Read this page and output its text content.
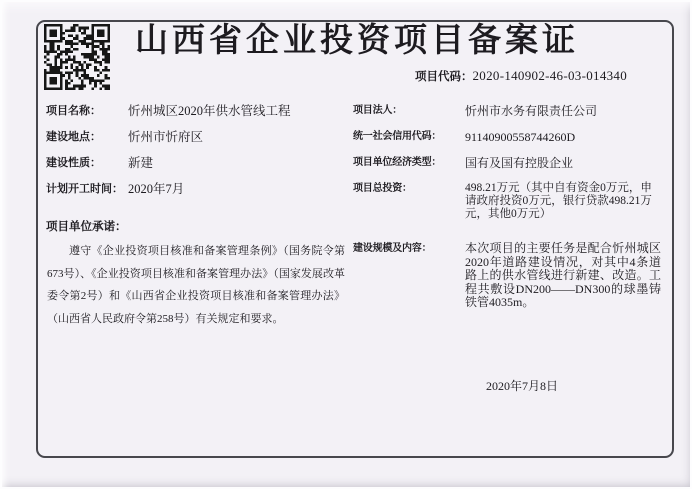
山西省企业投资项目备案证
项目代码：2020-140902-46-03-014340
项目名称：	忻州城区2020年供水管线工程
建设地点：	忻州市忻府区
建设性质：	新建
计划开工时间： 2020年7月
项目法人：	忻州市水务有限责任公司
统一社会信用代码：	91140900558744260D
项目单位经济类型：	国有及国有控股企业
项目总投资：	498.21万元（其中自有资金0万元，申请政府投资0万元，银行贷款498.21万元，其他0万元）
项目单位承诺：
遵守《企业投资项目核准和备案管理条例》（国务院令第673号）、《企业投资项目核准和备案管理办法》（国家发展改革委令第2号）和《山西省企业投资项目核准和备案管理办法》（山西省人民政府令第258号）有关规定和要求。
建设规模及内容：	本次项目的主要任务是配合忻州城区2020年道路建设情况，对其中4条道路上的供水管线进行新建、改造。工程共敷设DN200——DN300的球墨铸铁管4035m。
2020年7月8日
